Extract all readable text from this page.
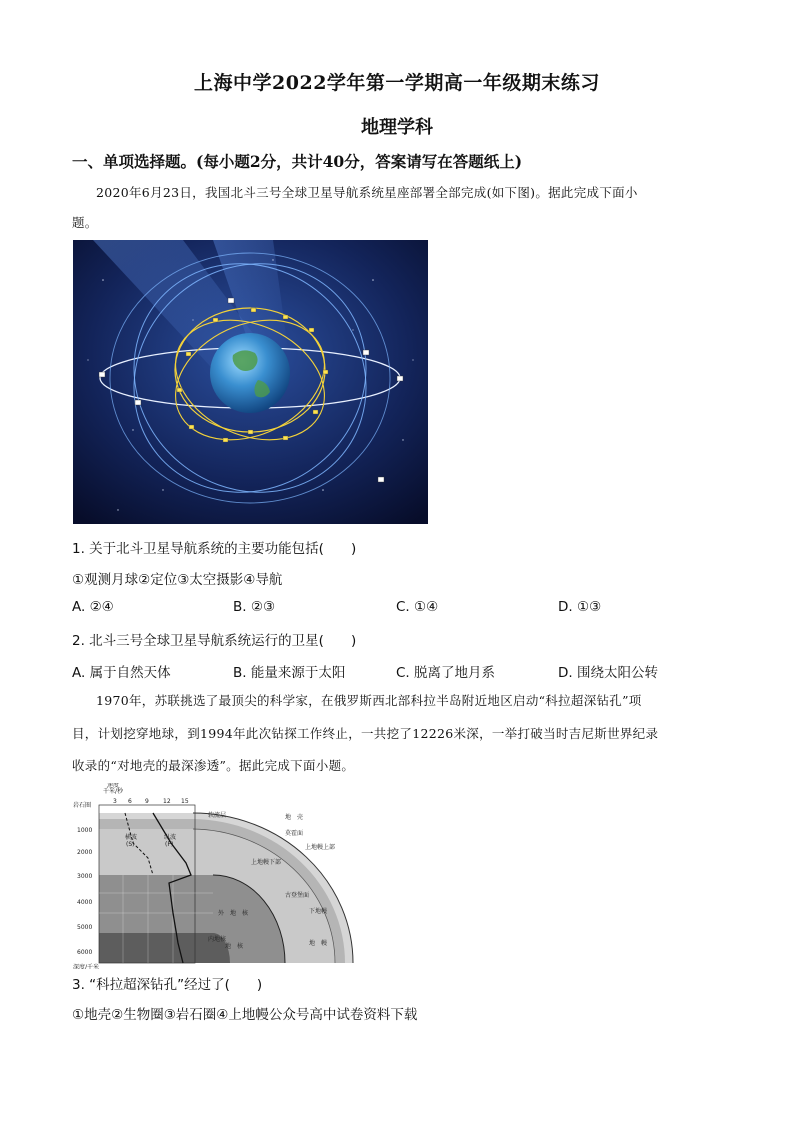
上海中学2022学年第一学期高一年级期末练习
地理学科
一、单项选择题。(每小题2分，共计40分，答案请写在答题纸上)
2020年6月23日，我国北斗三号全球卫星导航系统星座部署全部完成(如下图)。据此完成下面小
题。
1. 关于北斗卫星导航系统的主要功能包括(　　)
①观测月球②定位③太空摄影④导航
A. ②④	B. ②③	C. ①④	D. ①③
2. 北斗三号全球卫星导航系统运行的卫星(　　)
A. 属于自然天体	B. 能量来源于太阳	C. 脱离了地月系	D. 围绕太阳公转
1970年，苏联挑选了最顶尖的科学家，在俄罗斯西北部科拉半岛附近地区启动“科拉超深钻孔”项
目，计划挖穿地球，到1994年此次钻探工作终止，一共挖了12226米深，一举打破当时吉尼斯世界纪录
收录的“对地壳的最深渗透”。据此完成下面小题。
速度
千米/秒
3 6 9 12 15
岩石圈
1000
2000
3000
4000
5000
6000
深度/千米
横波
(S)
纵波
(P)
软流层	地　壳
莫霍面
上地幔上部
上地幔下部
古登堡面
下地幔
外　地　核
内地核
地　核	地　幔
3. “科拉超深钻孔”经过了(　　)
①地壳②生物圈③岩石圈④上地幔公众号高中试卷资料下载
